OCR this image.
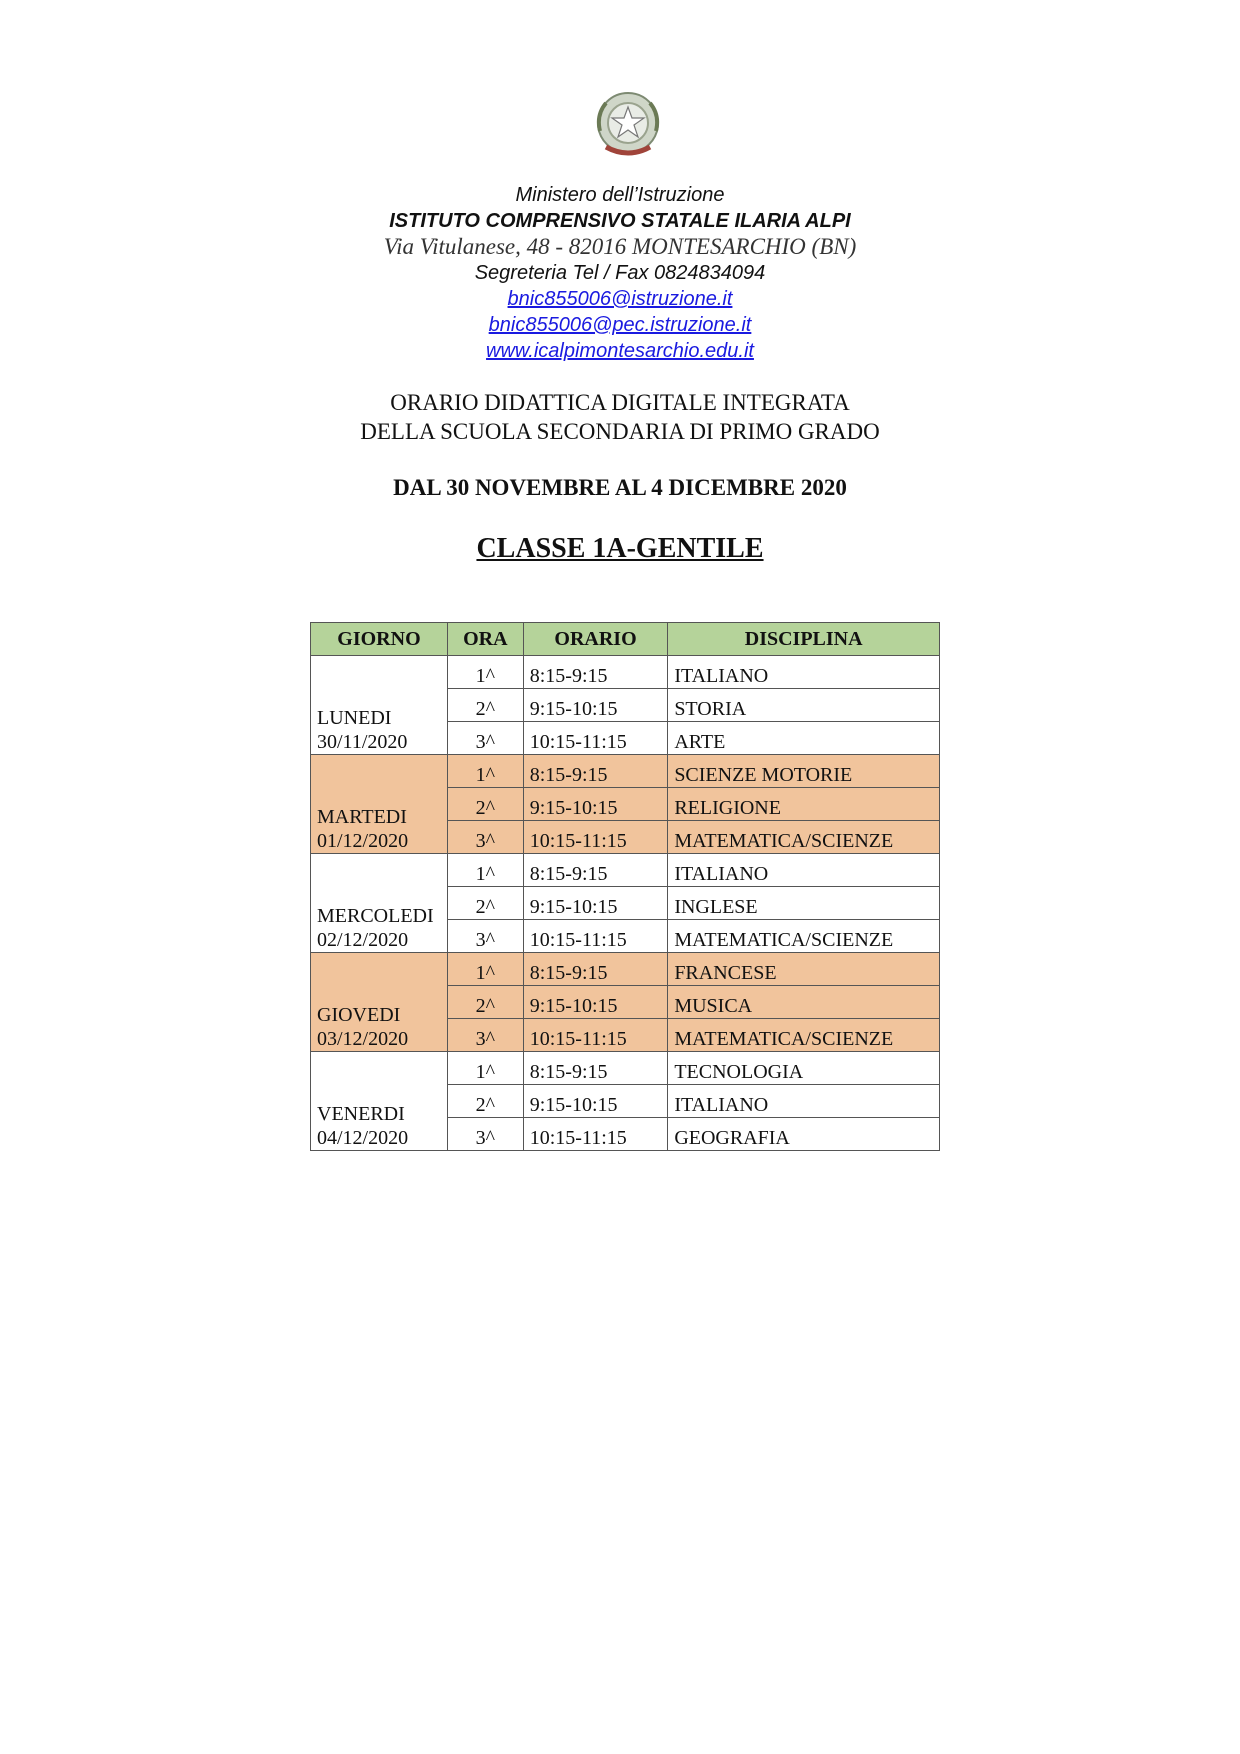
Ministero dell’Istruzione
ISTITUTO COMPRENSIVO STATALE ILARIA ALPI
Via Vitulanese, 48 - 82016 MONTESARCHIO (BN)
Segreteria Tel / Fax 0824834094
bnic855006@istruzione.it
bnic855006@pec.istruzione.it
www.icalpimontesarchio.edu.it
ORARIO DIDATTICA DIGITALE INTEGRATA
DELLA SCUOLA SECONDARIA DI PRIMO GRADO
DAL 30 NOVEMBRE AL 4 DICEMBRE 2020
CLASSE 1A-GENTILE
GIORNO	ORA	ORARIO	DISCIPLINA
LUNEDI
30/11/2020	1^	8:15-9:15	ITALIANO
	2^	9:15-10:15	STORIA
	3^	10:15-11:15	ARTE
MARTEDI
01/12/2020	1^	8:15-9:15	SCIENZE MOTORIE
	2^	9:15-10:15	RELIGIONE
	3^	10:15-11:15	MATEMATICA/SCIENZE
MERCOLEDI
02/12/2020	1^	8:15-9:15	ITALIANO
	2^	9:15-10:15	INGLESE
	3^	10:15-11:15	MATEMATICA/SCIENZE
GIOVEDI
03/12/2020	1^	8:15-9:15	FRANCESE
	2^	9:15-10:15	MUSICA
	3^	10:15-11:15	MATEMATICA/SCIENZE
VENERDI
04/12/2020	1^	8:15-9:15	TECNOLOGIA
	2^	9:15-10:15	ITALIANO
	3^	10:15-11:15	GEOGRAFIA
